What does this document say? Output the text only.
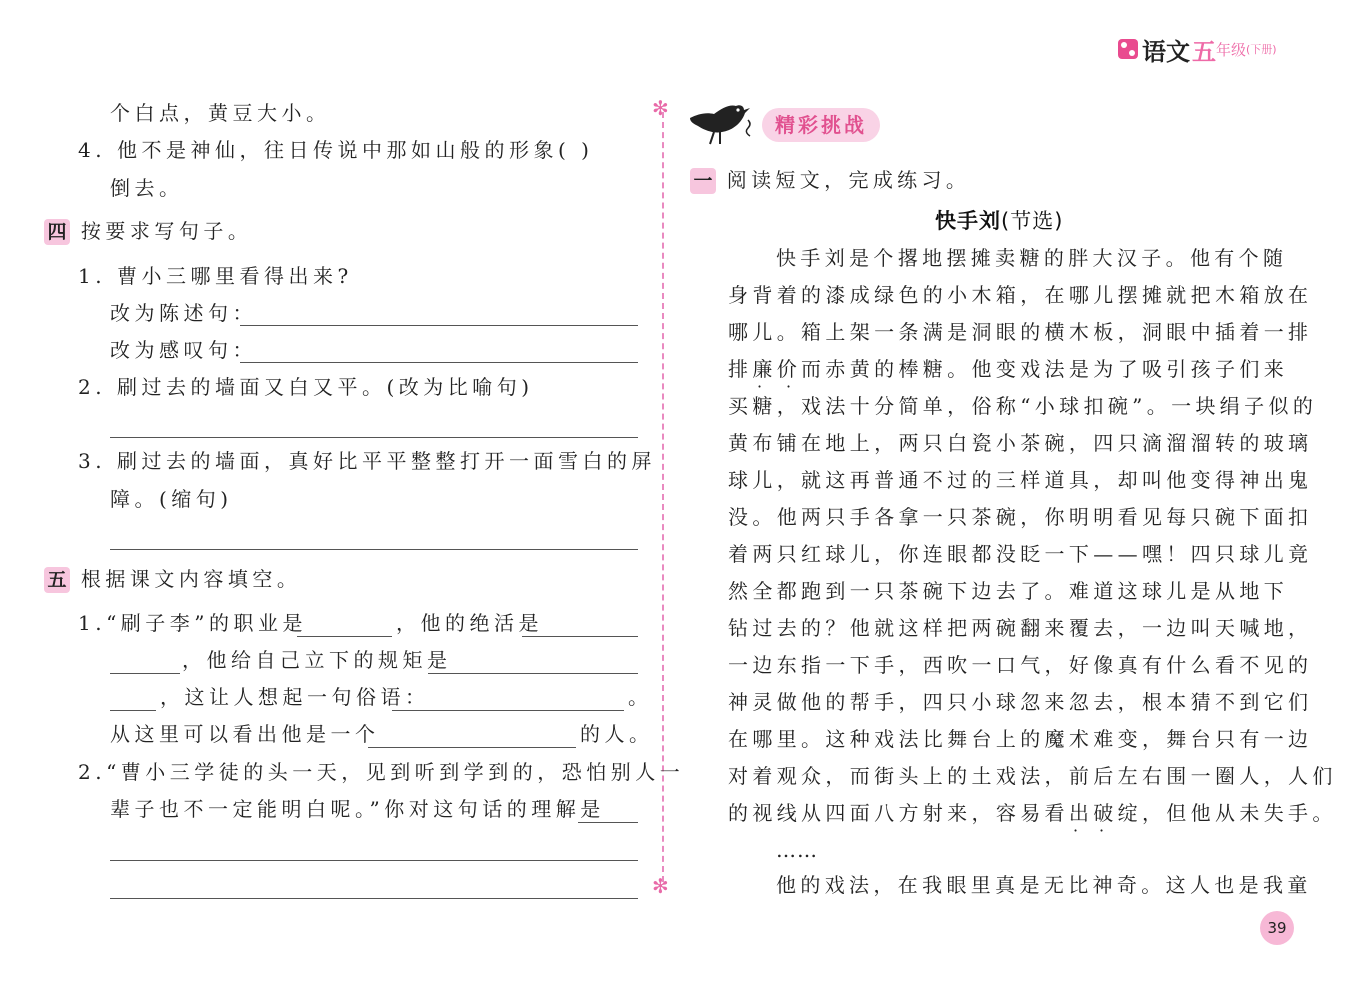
语文 五 年级 (下册)
✻
✻
个白点，黄豆大小。
4. 他不是神仙，往日传说中那如山般的形象( )
倒去。
四 按要求写句子。
1. 曹小三哪里看得出来?
改为陈述句：
改为感叹句：
2. 刷过去的墙面又白又平。(改为比喻句)
3. 刷过去的墙面，真好比平平整整打开一面雪白的屏
障。(缩句)
五 根据课文内容填空。
1.“刷子李”的职业是	，他的绝活是
，他给自己立下的规矩是
，这让人想起一句俗语：	。
从这里可以看出他是一个	的人。
2.“曹小三学徒的头一天，见到听到学到的，恐怕别人一
辈子也不一定能明白呢。”你对这句话的理解是
精彩挑战
一 阅读短文，完成练习。
快手刘(节选)
快手刘是个撂地摆摊卖糖的胖大汉子。他有个随
身背着的漆成绿色的小木箱，在哪儿摆摊就把木箱放在
哪儿。箱上架一条满是洞眼的横木板，洞眼中插着一排
排廉价而赤黄的棒糖。他变戏法是为了吸引孩子们来
· ·
买糖，戏法十分简单，俗称“小球扣碗”。一块绢子似的
黄布铺在地上，两只白瓷小茶碗，四只滴溜溜转的玻璃
球儿，就这再普通不过的三样道具，却叫他变得神出鬼
没。他两只手各拿一只茶碗，你明明看见每只碗下面扣
着两只红球儿，你连眼都没眨一下——嘿！四只球儿竟
然全都跑到一只茶碗下边去了。难道这球儿是从地下
钻过去的？他就这样把两碗翻来覆去，一边叫天喊地，
一边东指一下手，西吹一口气，好像真有什么看不见的
神灵做他的帮手，四只小球忽来忽去，根本猜不到它们
在哪里。这种戏法比舞台上的魔术难变，舞台只有一边
对着观众，而街头上的土戏法，前后左右围一圈人，人们
的视线从四面八方射来，容易看出破绽，但他从未失手。
· ·
……
他的戏法，在我眼里真是无比神奇。这人也是我童
39
